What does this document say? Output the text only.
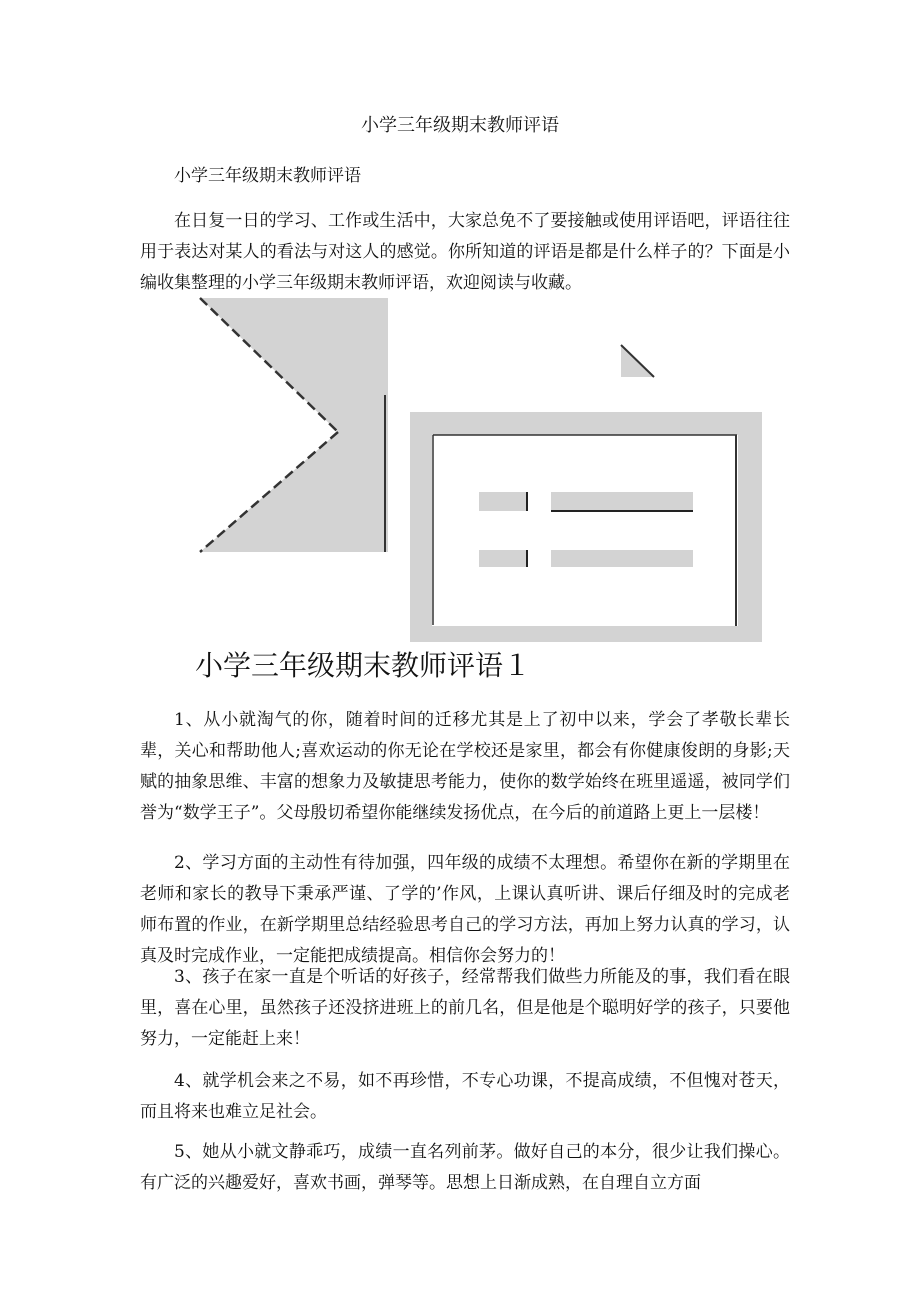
小学三年级期末教师评语
小学三年级期末教师评语

在日复一日的学习、工作或生活中，大家总免不了要接触或使用评语吧，评语往往用于表达对某人的看法与对这人的感觉。你所知道的评语是都是什么样子的？下面是小编收集整理的小学三年级期末教师评语，欢迎阅读与收藏。

小学三年级期末教师评语１

1、从小就淘气的你，随着时间的迁移尤其是上了初中以来，学会了孝敬长辈长辈，关心和帮助他人;喜欢运动的你无论在学校还是家里，都会有你健康俊朗的身影;天赋的抽象思维、丰富的想象力及敏捷思考能力，使你的数学始终在班里遥遥，被同学们誉为“数学王子”。父母殷切希望你能继续发扬优点，在今后的前道路上更上一层楼！

2、学习方面的主动性有待加强，四年级的成绩不太理想。希望你在新的学期里在老师和家长的教导下秉承严谨、了学的’作风，上课认真听讲、课后仔细及时的完成老师布置的作业，在新学期里总结经验思考自己的学习方法，再加上努力认真的学习，认真及时完成作业，一定能把成绩提高。相信你会努力的！

3、孩子在家一直是个听话的好孩子，经常帮我们做些力所能及的事，我们看在眼里，喜在心里，虽然孩子还没挤进班上的前几名，但是他是个聪明好学的孩子，只要他努力，一定能赶上来！

4、就学机会来之不易，如不再珍惜，不专心功课，不提高成绩，不但愧对苍天，而且将来也难立足社会。

5、她从小就文静乖巧，成绩一直名列前茅。做好自己的本分，很少让我们操心。有广泛的兴趣爱好，喜欢书画，弹琴等。思想上日渐成熟，在自理自立方面
